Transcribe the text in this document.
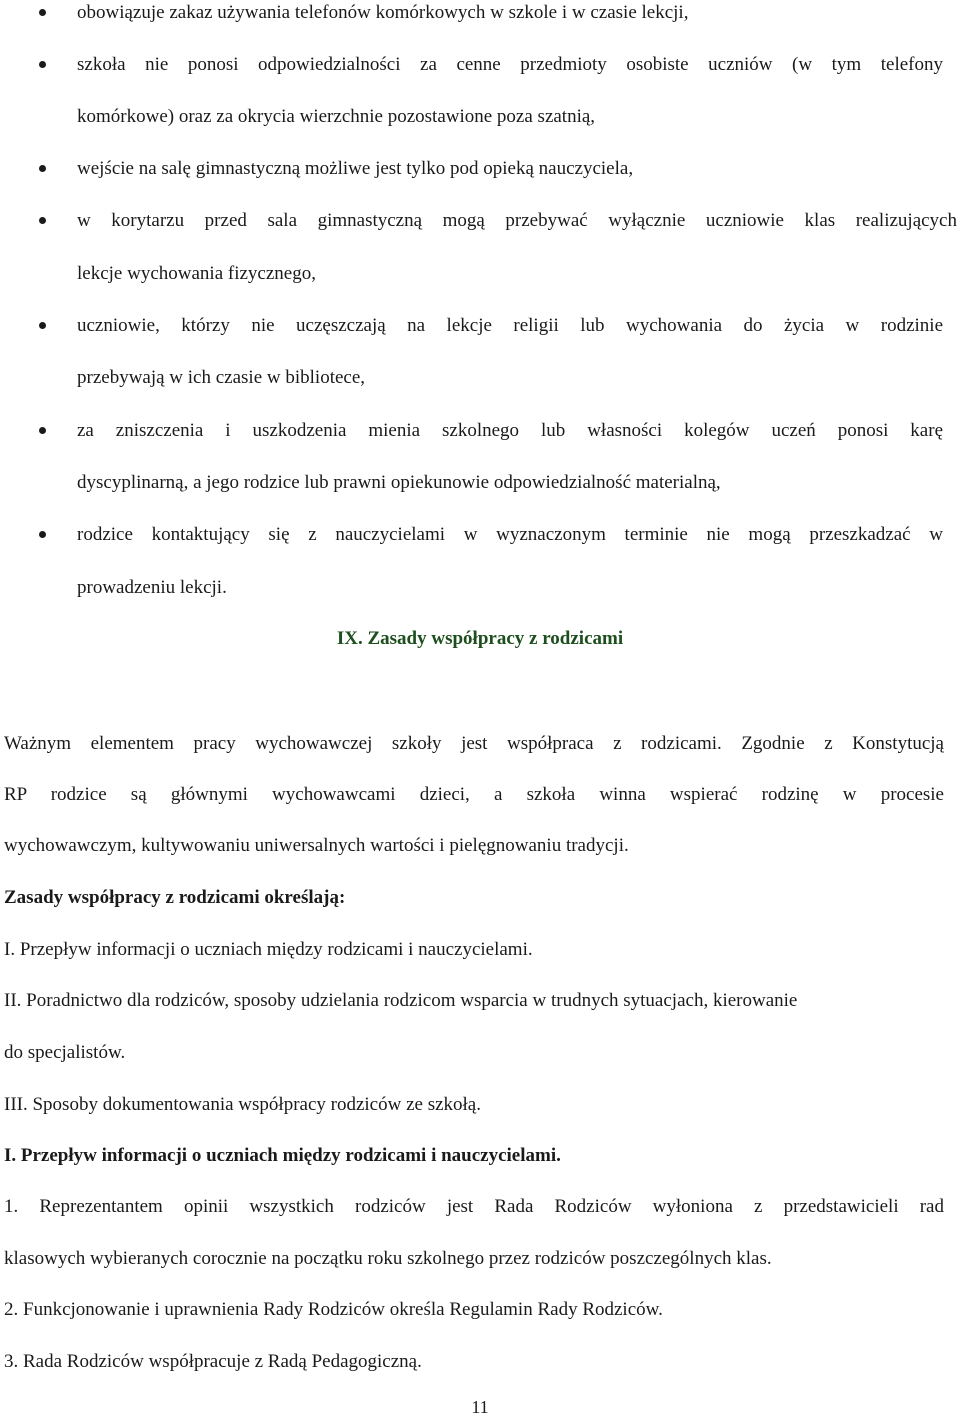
obowiązuje zakaz używania telefonów komórkowych w szkole i w czasie lekcji,
szkoła nie ponosi odpowiedzialności za cenne przedmioty osobiste uczniów (w tym telefony
komórkowe) oraz za okrycia wierzchnie pozostawione poza szatnią,
wejście na salę gimnastyczną możliwe jest tylko pod opieką nauczyciela,
w korytarzu przed sala gimnastyczną mogą przebywać wyłącznie uczniowie klas realizujących
lekcje wychowania fizycznego,
uczniowie, którzy nie uczęszczają na lekcje religii lub wychowania do życia w rodzinie
przebywają w ich czasie w bibliotece,
za zniszczenia i uszkodzenia mienia szkolnego lub własności kolegów uczeń ponosi karę
dyscyplinarną, a jego rodzice lub prawni opiekunowie odpowiedzialność materialną,
rodzice kontaktujący się z nauczycielami w wyznaczonym terminie nie mogą przeszkadzać w
prowadzeniu lekcji.
IX. Zasady współpracy z rodzicami
Ważnym elementem pracy wychowawczej szkoły jest współpraca z rodzicami. Zgodnie z Konstytucją
RP rodzice są głównymi wychowawcami dzieci, a szkoła winna wspierać rodzinę w procesie
wychowawczym, kultywowaniu uniwersalnych wartości i pielęgnowaniu tradycji.
Zasady współpracy z rodzicami określają:
I. Przepływ informacji o uczniach między rodzicami i nauczycielami.
II. Poradnictwo dla rodziców, sposoby udzielania rodzicom wsparcia w trudnych sytuacjach, kierowanie
do specjalistów.
III. Sposoby dokumentowania współpracy rodziców ze szkołą.
I. Przepływ informacji o uczniach między rodzicami i nauczycielami.
1. Reprezentantem opinii wszystkich rodziców jest Rada Rodziców wyłoniona z przedstawicieli rad
klasowych wybieranych corocznie na początku roku szkolnego przez rodziców poszczególnych klas.
2. Funkcjonowanie i uprawnienia Rady Rodziców określa Regulamin Rady Rodziców.
3. Rada Rodziców współpracuje z Radą Pedagogiczną.
11
